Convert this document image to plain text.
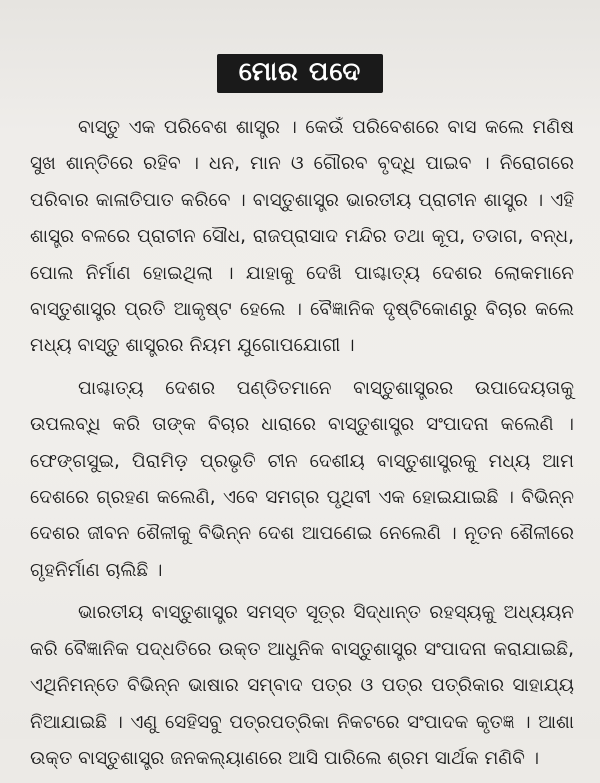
ମୋର ପଦେ

ବାସ୍ତୁ ଏକ ପରିବେଶ ଶାସ୍ତ୍ର । କେଉଁ ପରିବେଶରେ ବାସ କଲେ ମଣିଷ ସୁଖ ଶାନ୍ତିରେ ରହିବ । ଧନ, ମାନ ଓ ଗୌରବ ବୃଦ୍ଧି ପାଇବ । ନିରୋଗରେ ପରିବାର କାଳାତିପାତ କରିବେ । ବାସ୍ତୁଶାସ୍ତ୍ର ଭାରତୀୟ ପ୍ରାଚୀନ ଶାସ୍ତ୍ର । ଏହି ଶାସ୍ତ୍ର ବଳରେ ପ୍ରାଚୀନ ସୌଧ, ରାଜପ୍ରାସାଦ ମନ୍ଦିର ତଥା କୂପ, ତଡାଗ, ବନ୍ଧ, ପୋଲ ନିର୍ମାଣ ହୋଇଥିଲା । ଯାହାକୁ ଦେଖି ପାଶ୍ଚାତ୍ୟ ଦେଶର ଲୋକମାନେ ବାସ୍ତୁଶାସ୍ତ୍ର ପ୍ରତି ଆକୃଷ୍ଟ ହେଲେ । ବୈଜ୍ଞାନିକ ଦୃଷ୍ଟିକୋଣରୁ ବିଚାର କଲେ ମଧ୍ୟ ବାସ୍ତୁ ଶାସ୍ତ୍ରର ନିୟମ ଯୁଗୋପଯୋଗୀ ।

ପାଶ୍ଚାତ୍ୟ ଦେଶର ପଣ୍ଡିତମାନେ ବାସ୍ତୁଶାସ୍ତ୍ରର ଉପାଦେୟତାକୁ ଉପଲବ୍ଧି କରି ତାଙ୍କ ବିଚାର ଧାରାରେ ବାସ୍ତୁଶାସ୍ତ୍ର ସଂପାଦନା କଲେଣି । ଫେଙ୍ଗସୁଇ, ପିରାମିଡ଼ ପ୍ରଭୃତି ଚୀନ ଦେଶୀୟ ବାସ୍ତୁଶାସ୍ତ୍ରକୁ ମଧ୍ୟ ଆମ ଦେଶରେ ଗ୍ରହଣ କଲେଣି, ଏବେ ସମଗ୍ର ପୃଥିବୀ ଏକ ହୋଇଯାଇଛି । ବିଭିନ୍ନ ଦେଶର ଜୀବନ ଶୈଳୀକୁ ବିଭିନ୍ନ ଦେଶ ଆପଣେଇ ନେଲେଣି । ନୂତନ ଶୈଳୀରେ ଗୃହନିର୍ମାଣ ଚାଲିଛି ।

ଭାରତୀୟ ବାସ୍ତୁଶାସ୍ତ୍ର ସମସ୍ତ ସୂତ୍ର ସିଦ୍ଧାନ୍ତ ରହସ୍ୟକୁ ଅଧ୍ୟୟନ କରି ବୈଜ୍ଞାନିକ ପଦ୍ଧତିରେ ଉକ୍ତ ଆଧୁନିକ ବାସ୍ତୁଶାସ୍ତ୍ର ସଂପାଦନା କରାଯାଇଛି, ଏଥିନିମନ୍ତେ ବିଭିନ୍ନ ଭାଷାର ସମ୍ବାଦ ପତ୍ର ଓ ପତ୍ର ପତ୍ରିକାର ସାହାଯ୍ୟ ନିଆଯାଇଛି । ଏଣୁ ସେହିସବୁ ପତ୍ରପତ୍ରିକା ନିକଟରେ ସଂପାଦକ କୃତଜ୍ଞ । ଆଶା ଉକ୍ତ ବାସ୍ତୁଶାସ୍ତ୍ର ଜନକଲ୍ୟାଣରେ ଆସି ପାରିଲେ ଶ୍ରମ ସାର୍ଥକ ମଣିବି ।
